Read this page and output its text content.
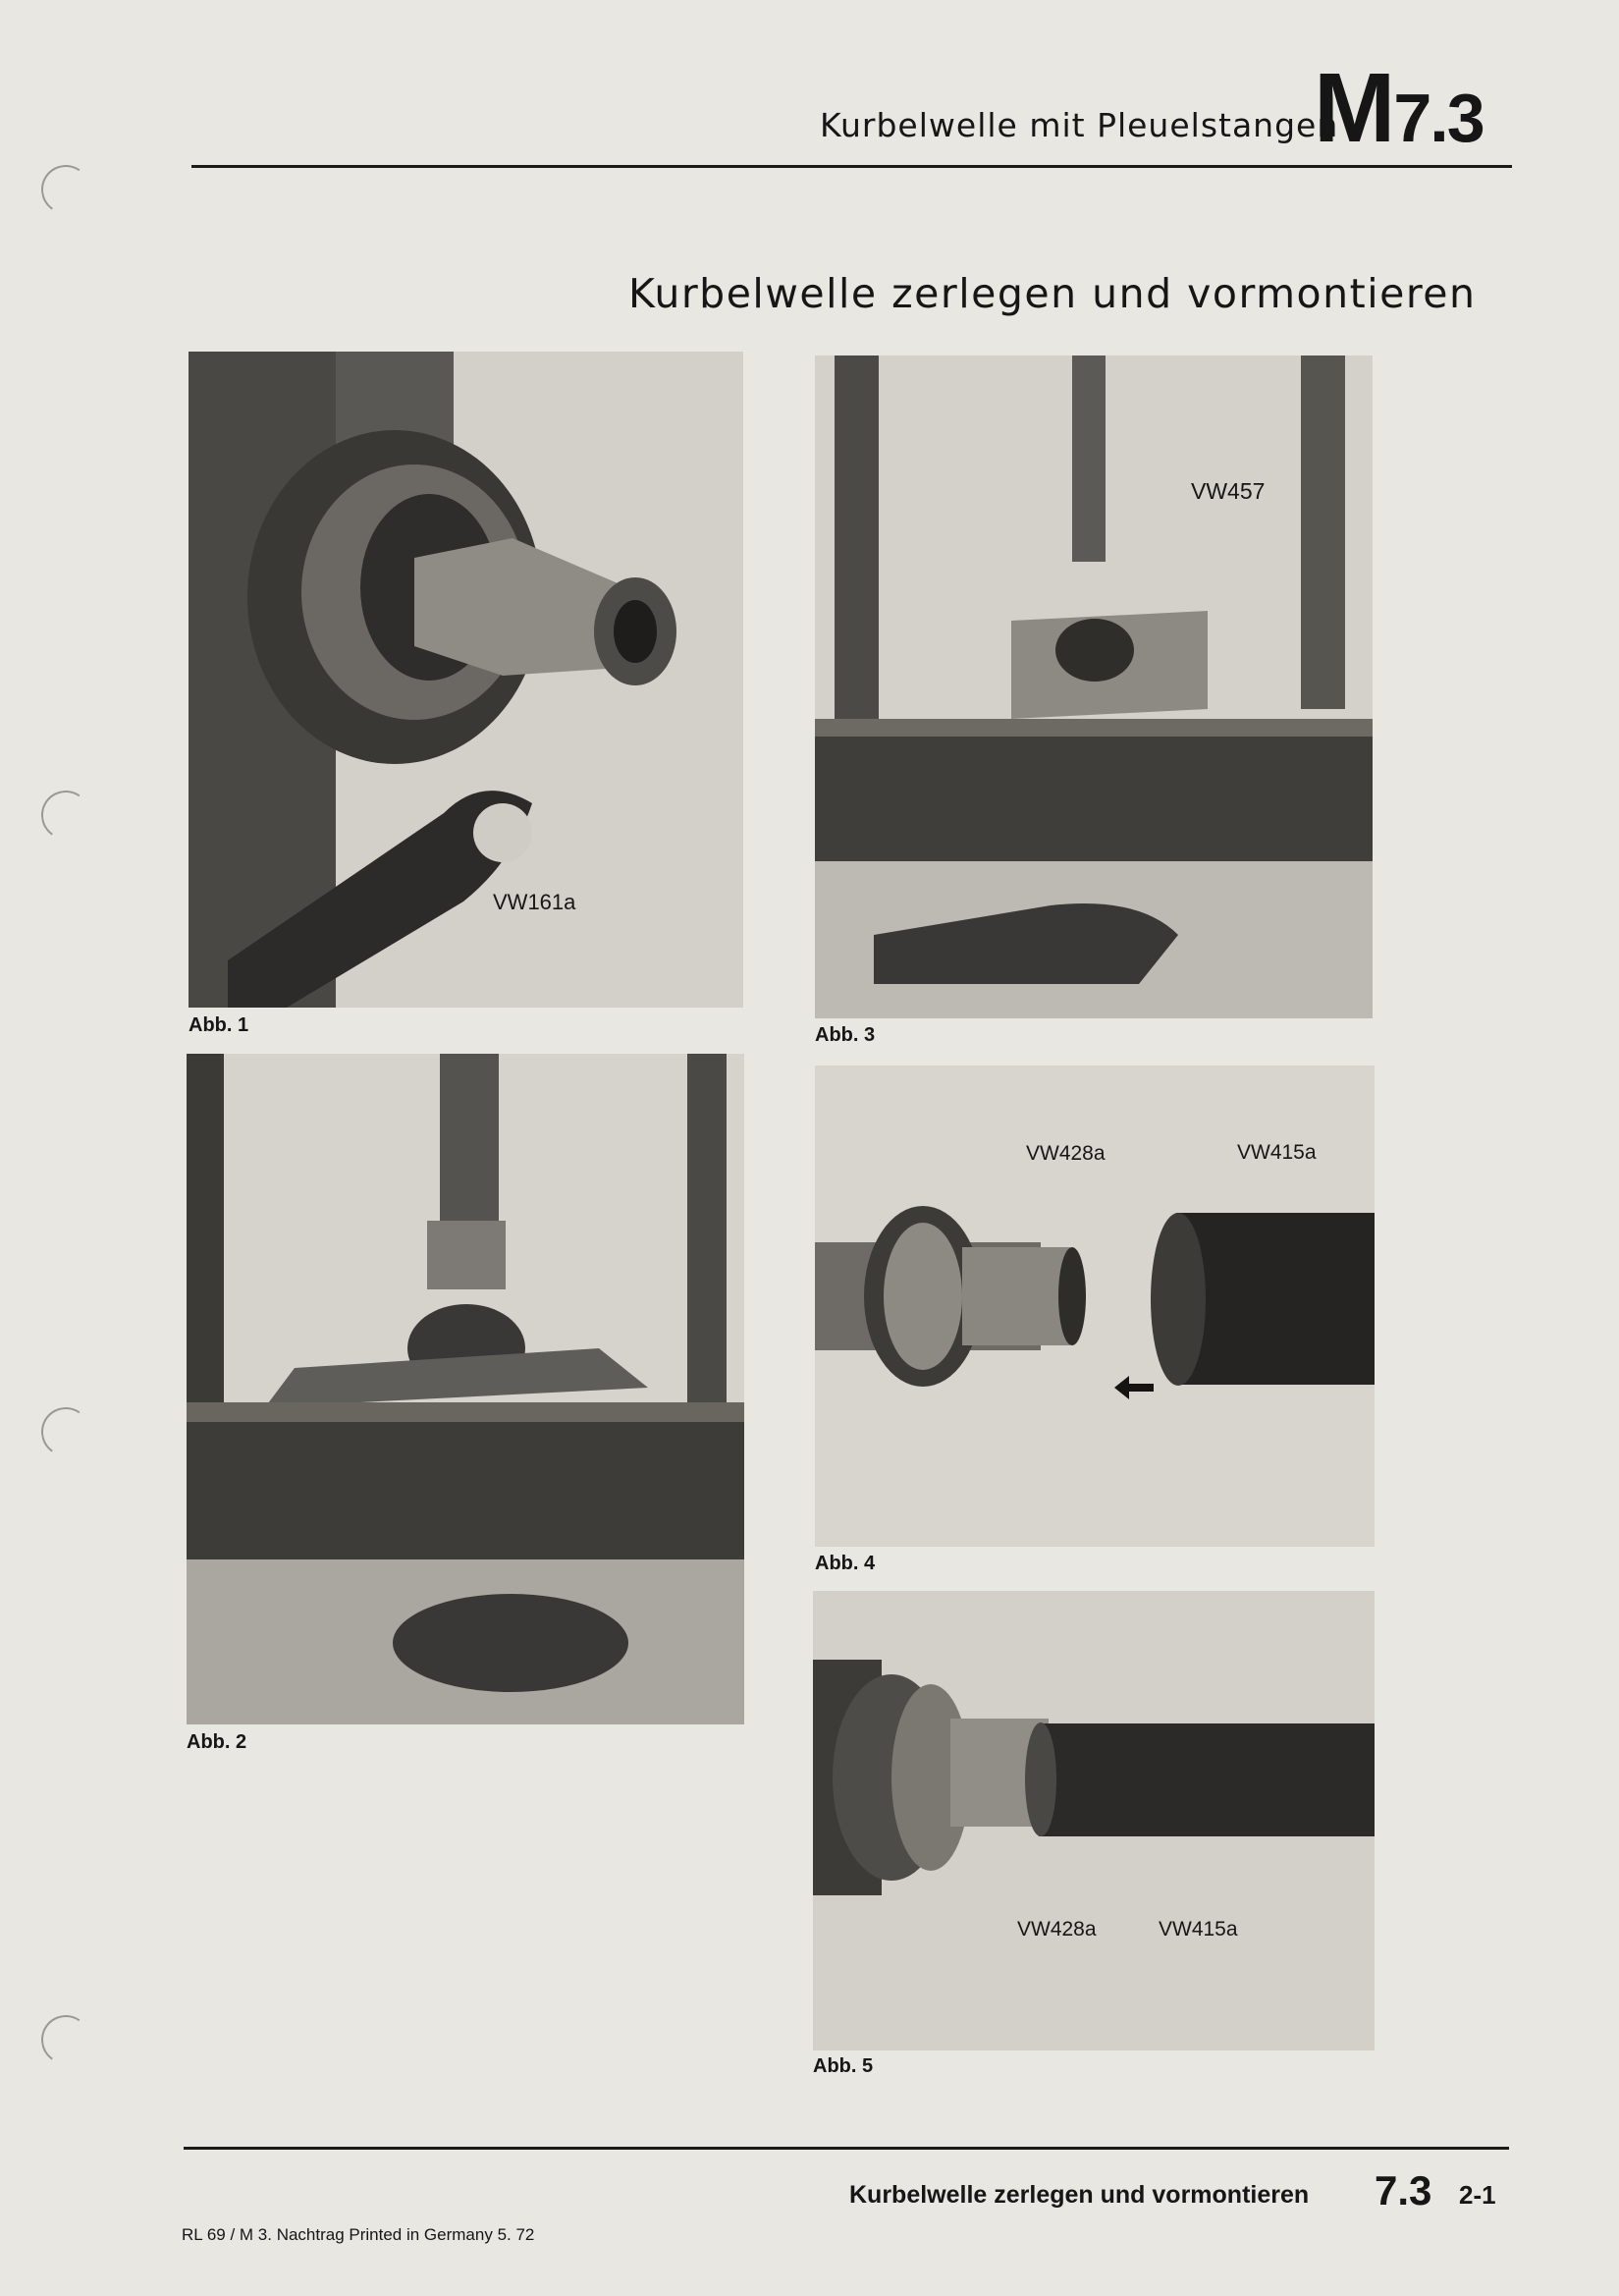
Kurbelwelle mit Pleuelstangen
M7.3
Kurbelwelle zerlegen und vormontieren
VW161a
Abb. 1
Abb. 2
VW457
Abb. 3
VW428a	VW415a
Abb. 4
VW428a	VW415a
Abb. 5
Kurbelwelle zerlegen und vormontieren 7.3 2-1
RL 69 / M 3. Nachtrag Printed in Germany 5. 72
